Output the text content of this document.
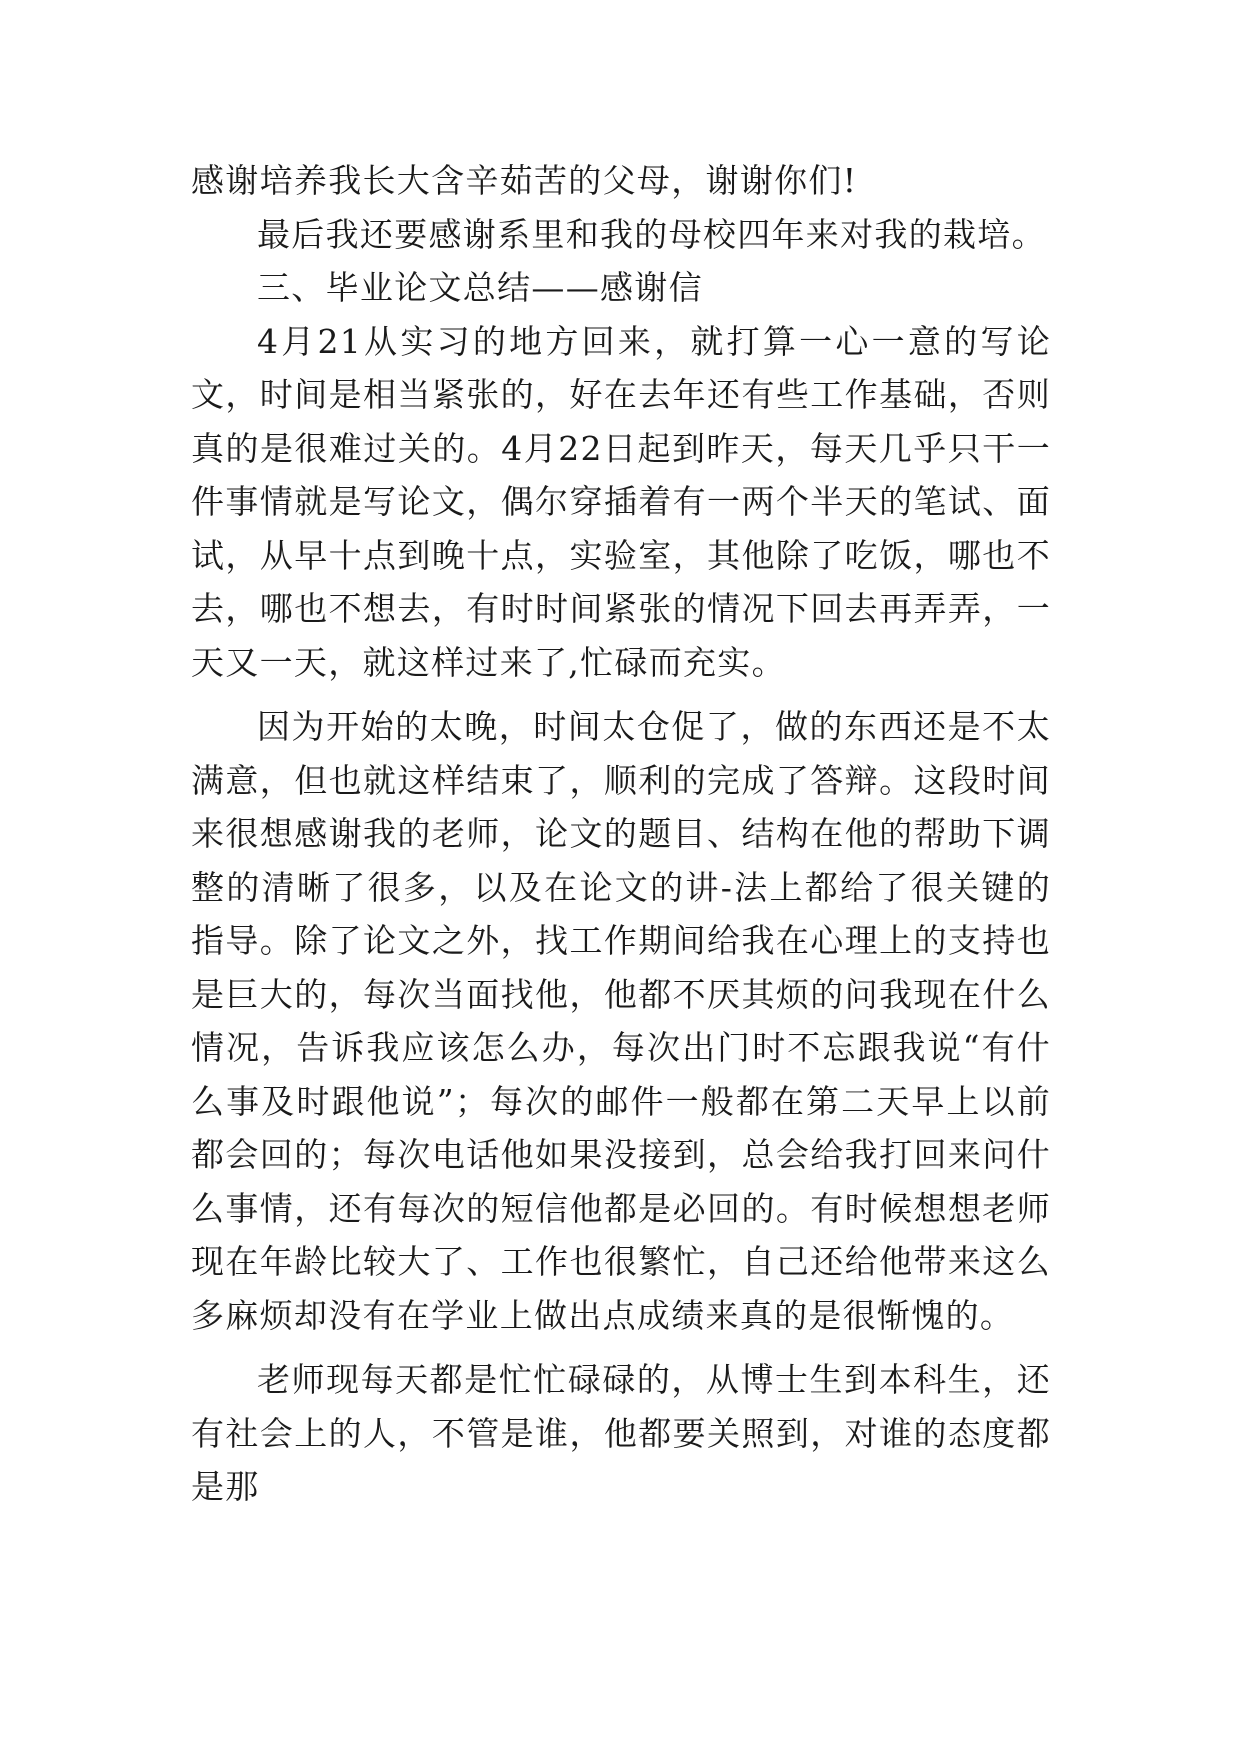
感谢培养我长大含辛茹苦的父母，谢谢你们!

最后我还要感谢系里和我的母校四年来对我的栽培。

三、毕业论文总结——感谢信

4月21从实习的地方回来，就打算一心一意的写论文，时间是相当紧张的，好在去年还有些工作基础，否则真的是很难过关的。4月22日起到昨天，每天几乎只干一件事情就是写论文，偶尔穿插着有一两个半天的笔试、面试，从早十点到晚十点，实验室，其他除了吃饭，哪也不去，哪也不想去，有时时间紧张的情况下回去再弄弄，一天又一天，就这样过来了,忙碌而充实。

因为开始的太晚，时间太仓促了，做的东西还是不太满意，但也就这样结束了，顺利的完成了答辩。这段时间来很想感谢我的老师，论文的题目、结构在他的帮助下调整的清晰了很多，以及在论文的讲-法上都给了很关键的指导。除了论文之外，找工作期间给我在心理上的支持也是巨大的，每次当面找他，他都不厌其烦的问我现在什么情况，告诉我应该怎么办，每次出门时不忘跟我说“有什么事及时跟他说”；每次的邮件一般都在第二天早上以前都会回的；每次电话他如果没接到，总会给我打回来问什么事情，还有每次的短信他都是必回的。有时候想想老师现在年龄比较大了、工作也很繁忙，自己还给他带来这么多麻烦却没有在学业上做出点成绩来真的是很惭愧的。

老师现每天都是忙忙碌碌的，从博士生到本科生，还有社会上的人，不管是谁，他都要关照到，对谁的态度都是那
